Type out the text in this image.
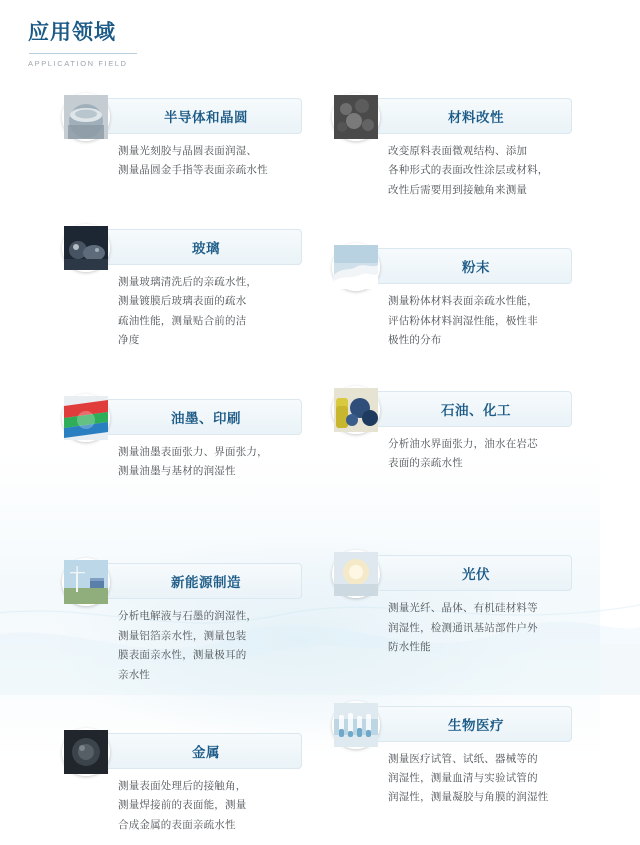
应用领域
APPLICATION FIELD
半导体和晶圆
测量光刻胶与晶圆表面润湿、
测量晶圆金手指等表面亲疏水性
玻璃
测量玻璃清洗后的亲疏水性，
测量镀膜后玻璃表面的疏水
疏油性能，测量贴合前的洁
净度
油墨、印刷
测量油墨表面张力、界面张力，
测量油墨与基材的润湿性
新能源制造
分析电解液与石墨的润湿性，
测量铝箔亲水性，测量包装
膜表面亲水性，测量极耳的
亲水性
金属
测量表面处理后的接触角，
测量焊接前的表面能，测量
合成金属的表面亲疏水性
材料改性
改变原料表面微观结构、添加
各种形式的表面改性涂层或材料，
改性后需要用到接触角来测量
粉末
测量粉体材料表面亲疏水性能，
评估粉体材料润湿性能，极性非
极性的分布
石油、化工
分析油水界面张力，油水在岩芯
表面的亲疏水性
光伏
测量光纤、晶体、有机硅材料等
润湿性，检测通讯基站部件户外
防水性能
生物医疗
测量医疗试管、试纸、器械等的
润湿性，测量血清与实验试管的
润湿性，测量凝胶与角膜的润湿性
